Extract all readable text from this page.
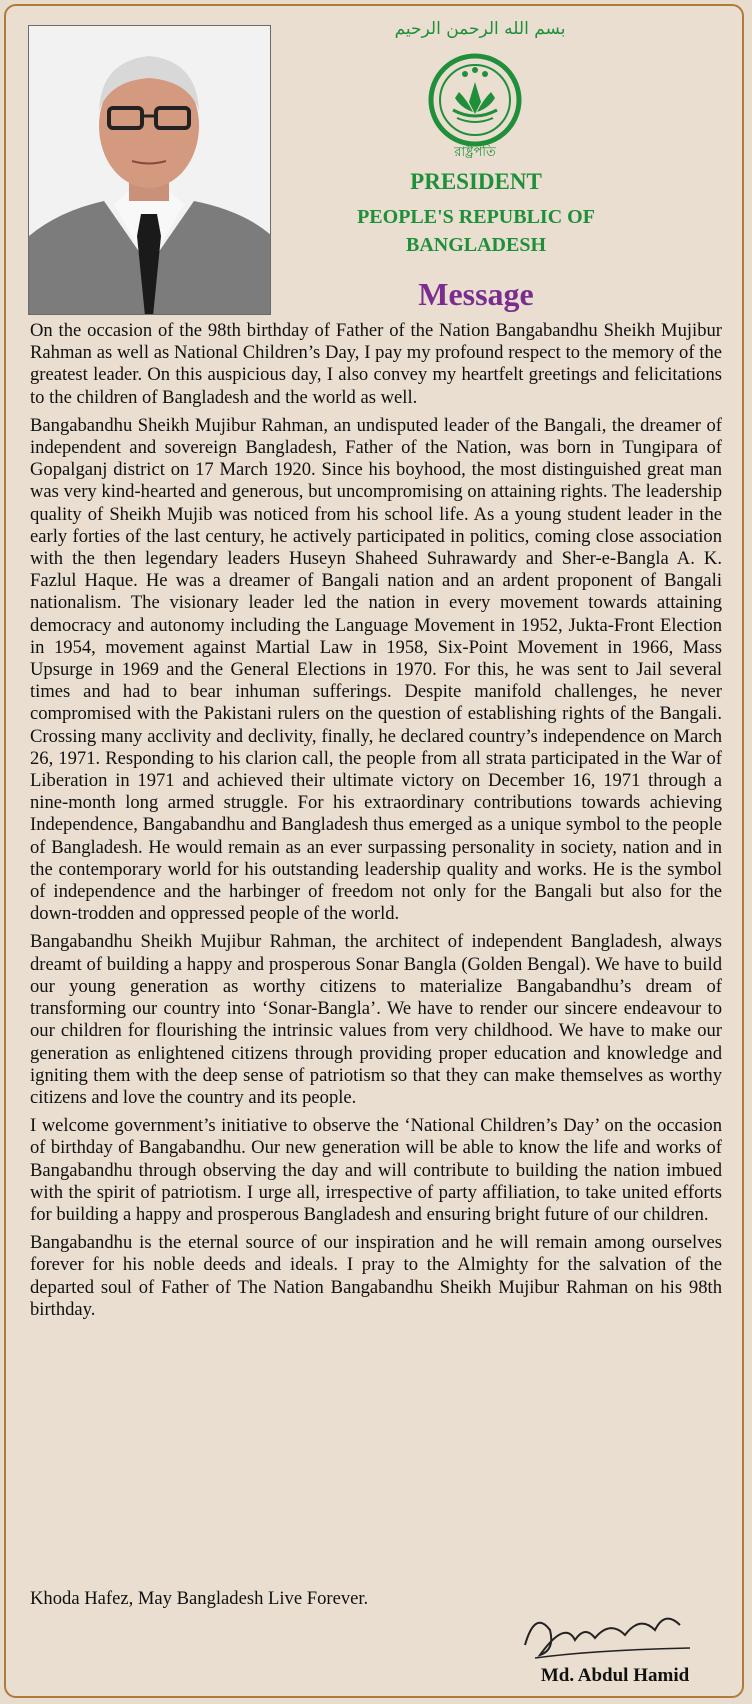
بسم الله الرحمن الرحيم
রাষ্ট্রপতি
PRESIDENT
PEOPLE'S REPUBLIC OF
BANGLADESH
Message

On the occasion of the 98th birthday of Father of the Nation Bangabandhu Sheikh Mujibur Rahman as well as National Children’s Day, I pay my profound respect to the memory of the greatest leader. On this auspicious day, I also convey my heartfelt greetings and felicitations to the children of Bangladesh and the world as well.

Bangabandhu Sheikh Mujibur Rahman, an undisputed leader of the Bangali, the dreamer of independent and sovereign Bangladesh, Father of the Nation, was born in Tungipara of Gopalganj district on 17 March 1920. Since his boyhood, the most distinguished great man was very kind-hearted and generous, but uncompromising on attaining rights. The leadership quality of Sheikh Mujib was noticed from his school life. As a young student leader in the early forties of the last century, he actively participated in politics, coming close association with the then legendary leaders Huseyn Shaheed Suhrawardy and Sher-e-Bangla A. K. Fazlul Haque. He was a dreamer of Bangali nation and an ardent proponent of Bangali nationalism. The visionary leader led the nation in every movement towards attaining democracy and autonomy including the Language Movement in 1952, Jukta-Front Election in 1954, movement against Martial Law in 1958, Six-Point Movement in 1966, Mass Upsurge in 1969 and the General Elections in 1970. For this, he was sent to Jail several times and had to bear inhuman sufferings. Despite manifold challenges, he never compromised with the Pakistani rulers on the question of establishing rights of the Bangali. Crossing many acclivity and declivity, finally, he declared country’s independence on March 26, 1971. Responding to his clarion call, the people from all strata participated in the War of Liberation in 1971 and achieved their ultimate victory on December 16, 1971 through a nine-month long armed struggle. For his extraordinary contributions towards achieving Independence, Bangabandhu and Bangladesh thus emerged as a unique symbol to the people of Bangladesh. He would remain as an ever surpassing personality in society, nation and in the contemporary world for his outstanding leadership quality and works. He is the symbol of independence and the harbinger of freedom not only for the Bangali but also for the down-trodden and oppressed people of the world.

Bangabandhu Sheikh Mujibur Rahman, the architect of independent Bangladesh, always dreamt of building a happy and prosperous Sonar Bangla (Golden Bengal). We have to build our young generation as worthy citizens to materialize Bangabandhu’s dream of transforming our country into ‘Sonar-Bangla’. We have to render our sincere endeavour to our children for flourishing the intrinsic values from very childhood. We have to make our generation as enlightened citizens through providing proper education and knowledge and igniting them with the deep sense of patriotism so that they can make themselves as worthy citizens and love the country and its people.

I welcome government’s initiative to observe the ‘National Children’s Day’ on the occasion of birthday of Bangabandhu. Our new generation will be able to know the life and works of Bangabandhu through observing the day and will contribute to building the nation imbued with the spirit of patriotism. I urge all, irrespective of party affiliation, to take united efforts for building a happy and prosperous Bangladesh and ensuring bright future of our children.

Bangabandhu is the eternal source of our inspiration and he will remain among ourselves forever for his noble deeds and ideals. I pray to the Almighty for the salvation of the departed soul of Father of The Nation Bangabandhu Sheikh Mujibur Rahman on his 98th birthday.

Khoda Hafez, May Bangladesh Live Forever.
Md. Abdul Hamid
